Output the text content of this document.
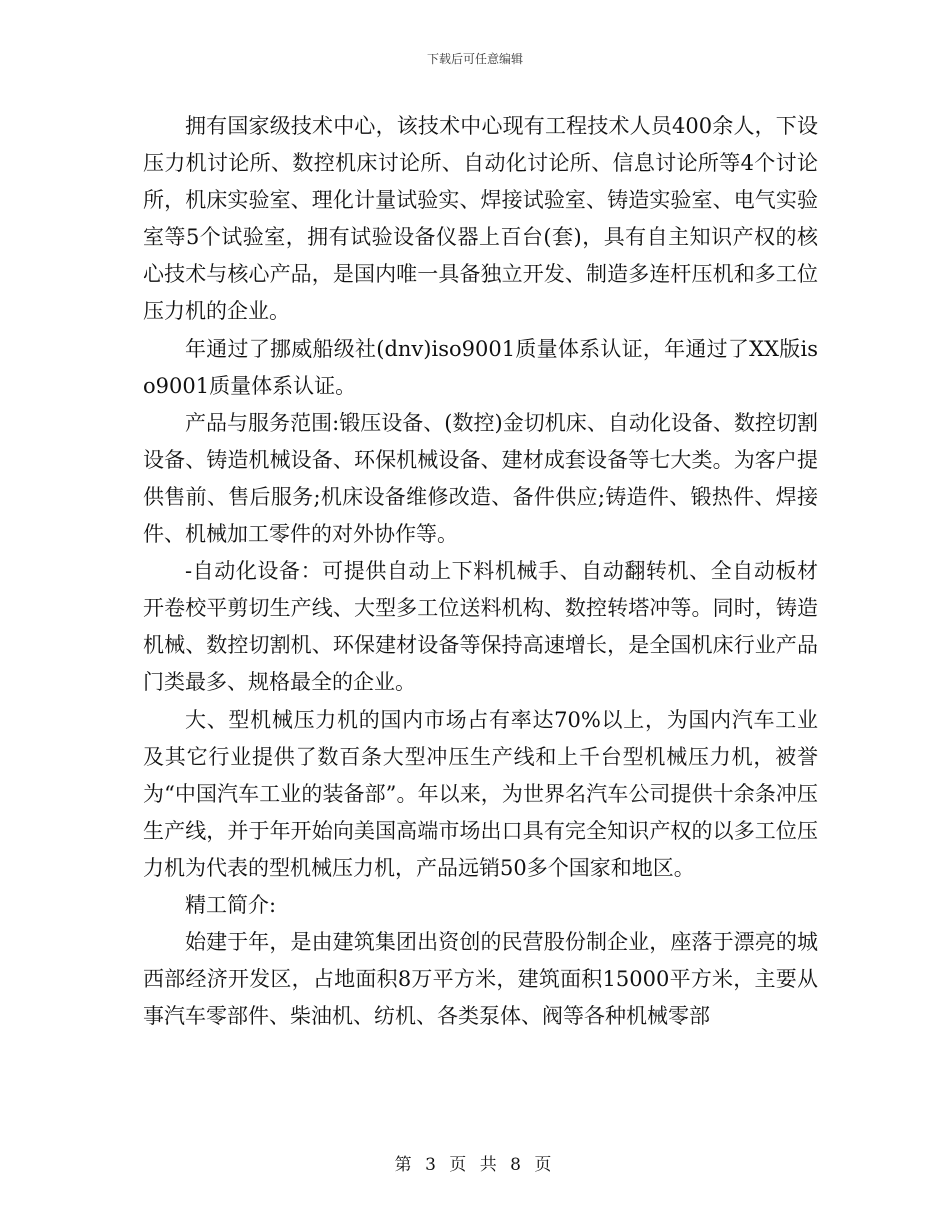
下载后可任意编辑

拥有国家级技术中心，该技术中心现有工程技术人员400余人，下设压力机讨论所、数控机床讨论所、自动化讨论所、信息讨论所等4个讨论所，机床实验室、理化计量试验实、焊接试验室、铸造实验室、电气实验室等5个试验室，拥有试验设备仪器上百台(套)，具有自主知识产权的核心技术与核心产品，是国内唯一具备独立开发、制造多连杆压机和多工位压力机的企业。

年通过了挪威船级社(dnv)iso9001质量体系认证，年通过了XX版iso9001质量体系认证。

产品与服务范围:锻压设备、(数控)金切机床、自动化设备、数控切割设备、铸造机械设备、环保机械设备、建材成套设备等七大类。为客户提供售前、售后服务;机床设备维修改造、备件供应;铸造件、锻热件、焊接件、机械加工零件的对外协作等。

-自动化设备：可提供自动上下料机械手、自动翻转机、全自动板材开卷校平剪切生产线、大型多工位送料机构、数控转塔冲等。同时，铸造机械、数控切割机、环保建材设备等保持高速增长，是全国机床行业产品门类最多、规格最全的企业。

大、型机械压力机的国内市场占有率达70%以上，为国内汽车工业及其它行业提供了数百条大型冲压生产线和上千台型机械压力机，被誉为“中国汽车工业的装备部”。年以来，为世界名汽车公司提供十余条冲压生产线，并于年开始向美国高端市场出口具有完全知识产权的以多工位压力机为代表的型机械压力机，产品远销50多个国家和地区。

精工简介:

始建于年，是由建筑集团出资创的民营股份制企业，座落于漂亮的城西部经济开发区，占地面积8万平方米，建筑面积15000平方米，主要从事汽车零部件、柴油机、纺机、各类泵体、阀等各种机械零部

第 3 页 共 8 页
